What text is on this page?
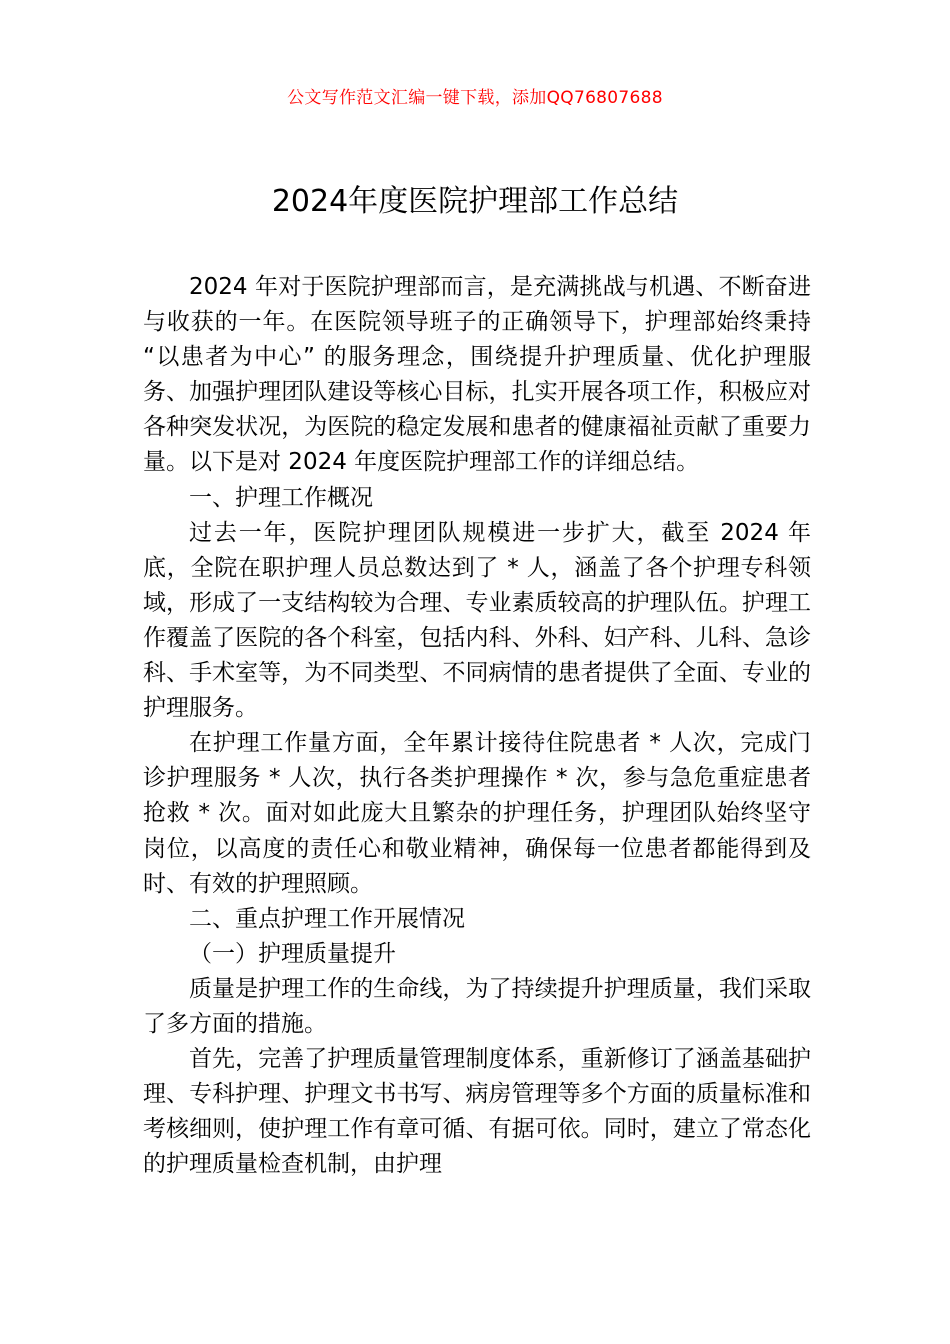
公文写作范文汇编一键下载，添加QQ76807688
2024年度医院护理部工作总结

2024 年对于医院护理部而言，是充满挑战与机遇、不断奋进与收获的一年。在医院领导班子的正确领导下，护理部始终秉持 “以患者为中心” 的服务理念，围绕提升护理质量、优化护理服务、加强护理团队建设等核心目标，扎实开展各项工作，积极应对各种突发状况，为医院的稳定发展和患者的健康福祉贡献了重要力量。以下是对 2024 年度医院护理部工作的详细总结。

一、护理工作概况

过去一年，医院护理团队规模进一步扩大，截至 2024 年底，全院在职护理人员总数达到了 * 人，涵盖了各个护理专科领域，形成了一支结构较为合理、专业素质较高的护理队伍。护理工作覆盖了医院的各个科室，包括内科、外科、妇产科、儿科、急诊科、手术室等，为不同类型、不同病情的患者提供了全面、专业的护理服务。

在护理工作量方面，全年累计接待住院患者 * 人次，完成门诊护理服务 * 人次，执行各类护理操作 * 次，参与急危重症患者抢救 * 次。面对如此庞大且繁杂的护理任务，护理团队始终坚守岗位，以高度的责任心和敬业精神，确保每一位患者都能得到及时、有效的护理照顾。

二、重点护理工作开展情况

（一）护理质量提升

质量是护理工作的生命线，为了持续提升护理质量，我们采取了多方面的措施。

首先，完善了护理质量管理制度体系，重新修订了涵盖基础护理、专科护理、护理文书书写、病房管理等多个方面的质量标准和考核细则，使护理工作有章可循、有据可依。同时，建立了常态化的护理质量检查机制，由护理
